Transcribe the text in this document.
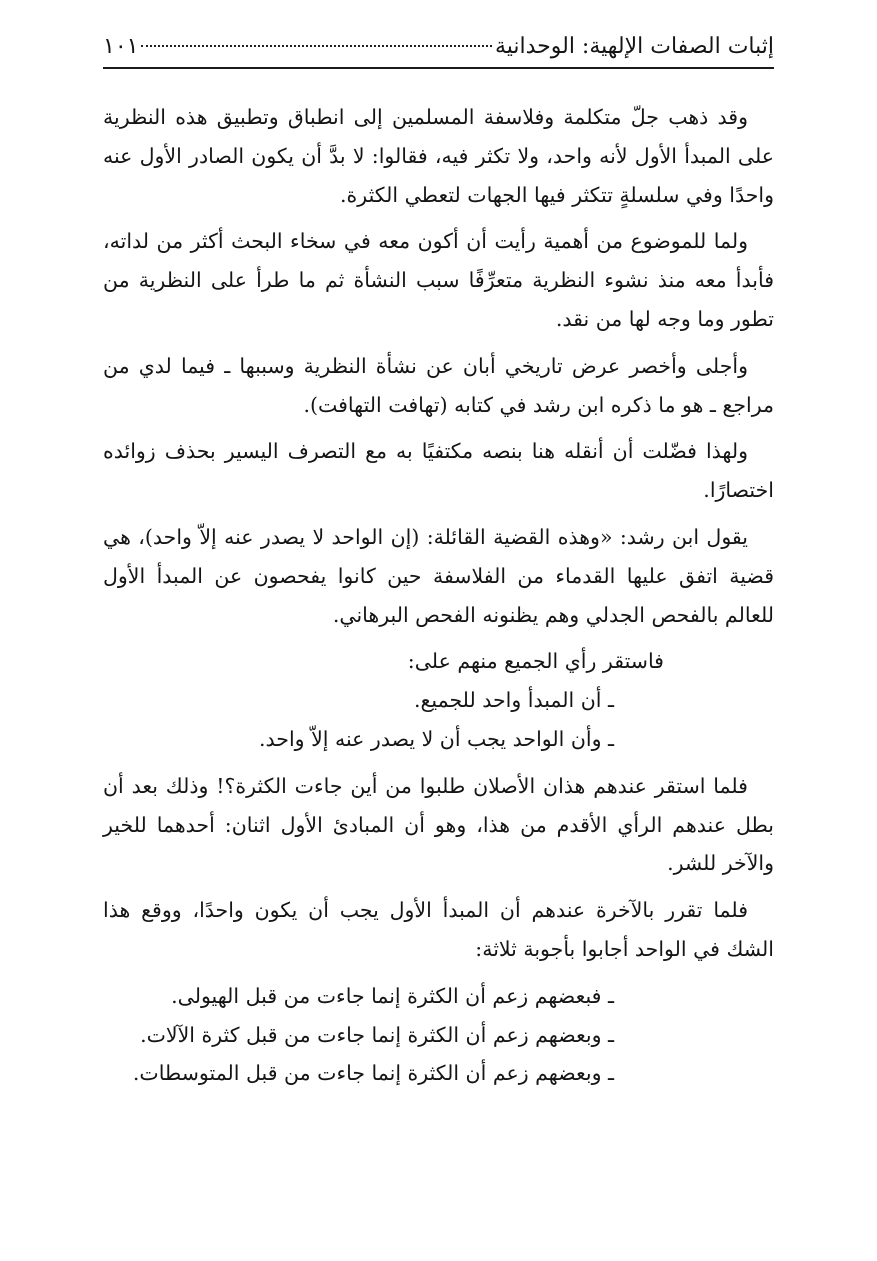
إثبات الصفات الإلهية: الوحدانية
١٠١

وقد ذهب جلّ متكلمة وفلاسفة المسلمين إلى انطباق وتطبيق هذه النظرية على المبدأ الأول لأنه واحد، ولا تكثر فيه، فقالوا: لا بدَّ أن يكون الصادر الأول عنه واحدًا وفي سلسلةٍ تتكثر فيها الجهات لتعطي الكثرة.

ولما للموضوع من أهمية رأيت أن أكون معه في سخاء البحث أكثر من لداته، فأبدأ معه منذ نشوء النظرية متعرِّفًا سبب النشأة ثم ما طرأ على النظرية من تطور وما وجه لها من نقد.

وأجلى وأخصر عرض تاريخي أبان عن نشأة النظرية وسببها ـ فيما لدي من مراجع ـ هو ما ذكره ابن رشد في كتابه (تهافت التهافت).

ولهذا فضّلت أن أنقله هنا بنصه مكتفيًا به مع التصرف اليسير بحذف زوائده اختصارًا.

يقول ابن رشد: «وهذه القضية القائلة: (إن الواحد لا يصدر عنه إلاّ واحد)، هي قضية اتفق عليها القدماء من الفلاسفة حين كانوا يفحصون عن المبدأ الأول للعالم بالفحص الجدلي وهم يظنونه الفحص البرهاني.

فاستقر رأي الجميع منهم على:

ـ أن المبدأ واحد للجميع.

ـ وأن الواحد يجب أن لا يصدر عنه إلاّ واحد.

فلما استقر عندهم هذان الأصلان طلبوا من أين جاءت الكثرة؟! وذلك بعد أن بطل عندهم الرأي الأقدم من هذا، وهو أن المبادئ الأول اثنان: أحدهما للخير والآخر للشر.

فلما تقرر بالآخرة عندهم أن المبدأ الأول يجب أن يكون واحدًا، ووقع هذا الشك في الواحد أجابوا بأجوبة ثلاثة:

ـ فبعضهم زعم أن الكثرة إنما جاءت من قبل الهيولى.

ـ وبعضهم زعم أن الكثرة إنما جاءت من قبل كثرة الآلات.

ـ وبعضهم زعم أن الكثرة إنما جاءت من قبل المتوسطات.
